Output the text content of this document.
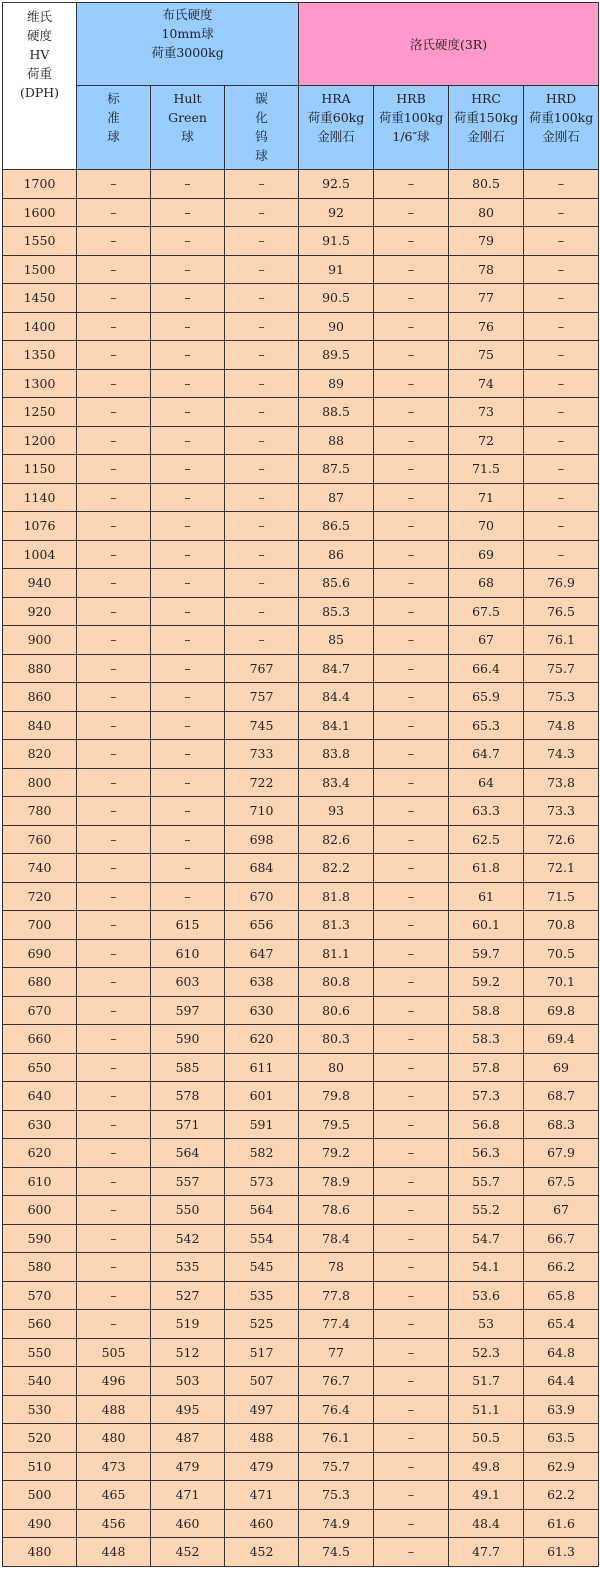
维氏
硬度
HV
荷重
(DPH)	布氏硬度
10mm球
荷重3000kg			洛氏硬度(3R)			

	标
准
球	Hult
Green
球	碳
化
钨
球	HRA
荷重60kg
金刚石	HRB
荷重100kg
1/6″球	HRC
荷重150kg
金刚石	HRD
荷重100kg
金刚石

1700	–	–	–	92.5	–	80.5	–
1600	–	–	–	92	–	80	–
1550	–	–	–	91.5	–	79	–
1500	–	–	–	91	–	78	–
1450	–	–	–	90.5	–	77	–
1400	–	–	–	90	–	76	–
1350	–	–	–	89.5	–	75	–
1300	–	–	–	89	–	74	–
1250	–	–	–	88.5	–	73	–
1200	–	–	–	88	–	72	–
1150	–	–	–	87.5	–	71.5	–
1140	–	–	–	87	–	71	–
1076	–	–	–	86.5	–	70	–
1004	–	–	–	86	–	69	–
940	–	–	–	85.6	–	68	76.9
920	–	–	–	85.3	–	67.5	76.5
900	–	–	–	85	–	67	76.1
880	–	–	767	84.7	–	66.4	75.7
860	–	–	757	84.4	–	65.9	75.3
840	–	–	745	84.1	–	65.3	74.8
820	–	–	733	83.8	–	64.7	74.3
800	–	–	722	83.4	–	64	73.8
780	–	–	710	93	–	63.3	73.3
760	–	–	698	82.6	–	62.5	72.6
740	–	–	684	82.2	–	61.8	72.1
720	–	–	670	81.8	–	61	71.5
700	–	615	656	81.3	–	60.1	70.8
690	–	610	647	81.1	–	59.7	70.5
680	–	603	638	80.8	–	59.2	70.1
670	–	597	630	80.6	–	58.8	69.8
660	–	590	620	80.3	–	58.3	69.4
650	–	585	611	80	–	57.8	69
640	–	578	601	79.8	–	57.3	68.7
630	–	571	591	79.5	–	56.8	68.3
620	–	564	582	79.2	–	56.3	67.9
610	–	557	573	78.9	–	55.7	67.5
600	–	550	564	78.6	–	55.2	67
590	–	542	554	78.4	–	54.7	66.7
580	–	535	545	78	–	54.1	66.2
570	–	527	535	77.8	–	53.6	65.8
560	–	519	525	77.4	–	53	65.4
550	505	512	517	77	–	52.3	64.8
540	496	503	507	76.7	–	51.7	64.4
530	488	495	497	76.4	–	51.1	63.9
520	480	487	488	76.1	–	50.5	63.5
510	473	479	479	75.7	–	49.8	62.9
500	465	471	471	75.3	–	49.1	62.2
490	456	460	460	74.9	–	48.4	61.6
480	448	452	452	74.5	–	47.7	61.3
